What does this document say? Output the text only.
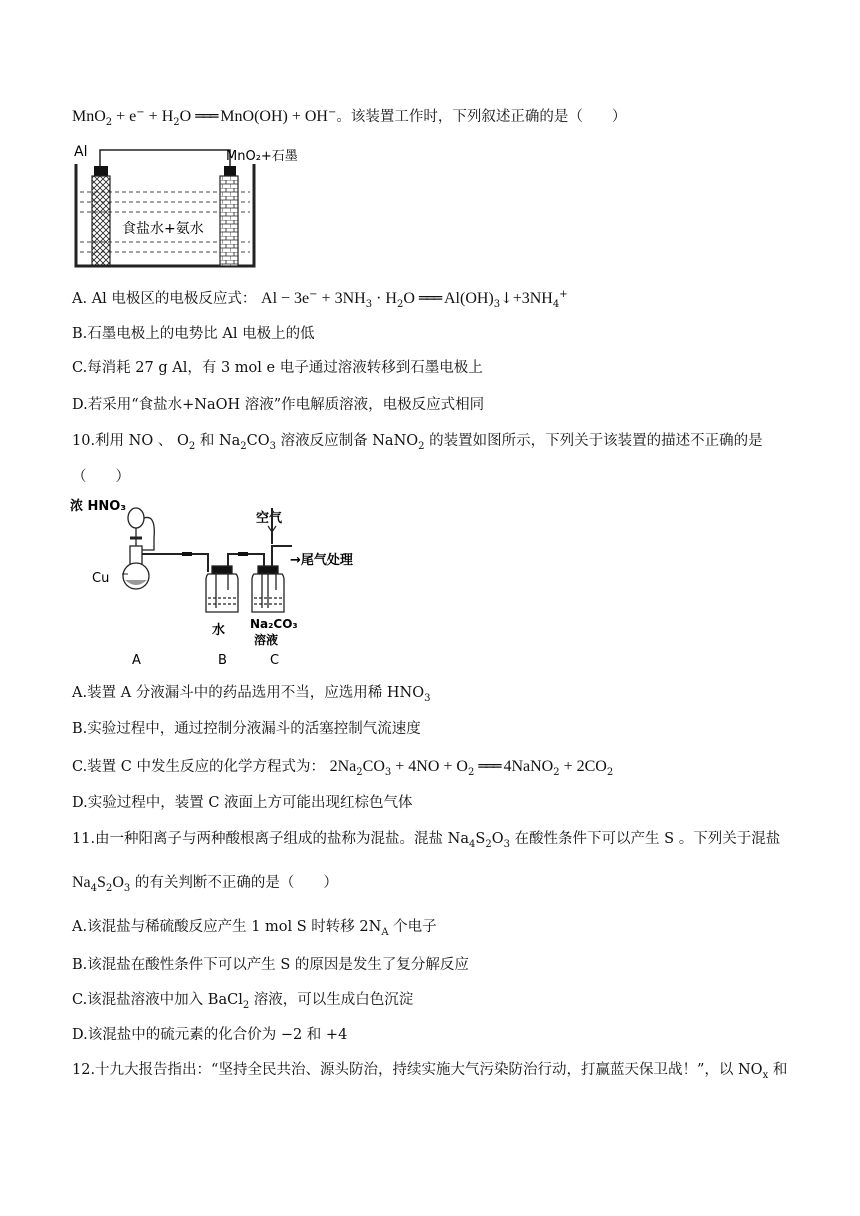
$MnO_2 + e^- + H_2O$ ═══ MnO(OH) + OH−。该装置工作时，下列叙述正确的是（　　）
Al	MnO₂+石墨
食盐水+氨水
A. Al 电极区的电极反应式： $Al - 3e^- + 3NH_3 \cdot H_2O$ ═══ $Al(OH)_3↓+3NH_4^+$
B.石墨电极上的电势比 Al 电极上的低
C.每消耗 27 g Al，有 3 mol e 电子通过溶液转移到石墨电极上
D.若采用“食盐水+NaOH 溶液”作电解质溶液，电极反应式相同
10.利用 NO 、 $O_2$ 和 $Na_2CO_3$ 溶液反应制备 NaNO$_2$ 的装置如图所示，下列关于该装置的描述不正确的是
（　　）
浓 HNO₃
Cu
空气
→尾气处理
水 Na₂CO₃
溶液
A	B	C
A.装置 A 分液漏斗中的药品选用不当，应选用稀 $HNO_3$
B.实验过程中，通过控制分液漏斗的活塞控制气流速度
C.装置 C 中发生反应的化学方程式为： $2Na_2CO_3 + 4NO + O_2$ ═══ 4NaNO$_2$ + $2CO_2$
D.实验过程中，装置 C 液面上方可能出现红棕色气体
11.由一种阳离子与两种酸根离子组成的盐称为混盐。混盐 $Na_4S_2O_3$ 在酸性条件下可以产生 S 。下列关于混盐
$Na_4S_2O_3$ 的有关判断不正确的是（　　）
A.该混盐与稀硫酸反应产生 1 mol S 时转移 $2N_A$ 个电子
B.该混盐在酸性条件下可以产生 S 的原因是发生了复分解反应
C.该混盐溶液中加入 BaCl$_2$ 溶液，可以生成白色沉淀
D.该混盐中的硫元素的化合价为 −2 和 +4
12.十九大报告指出：“坚持全民共治、源头防治，持续实施大气污染防治行动，打赢蓝天保卫战！”，以 $NO_x$ 和
